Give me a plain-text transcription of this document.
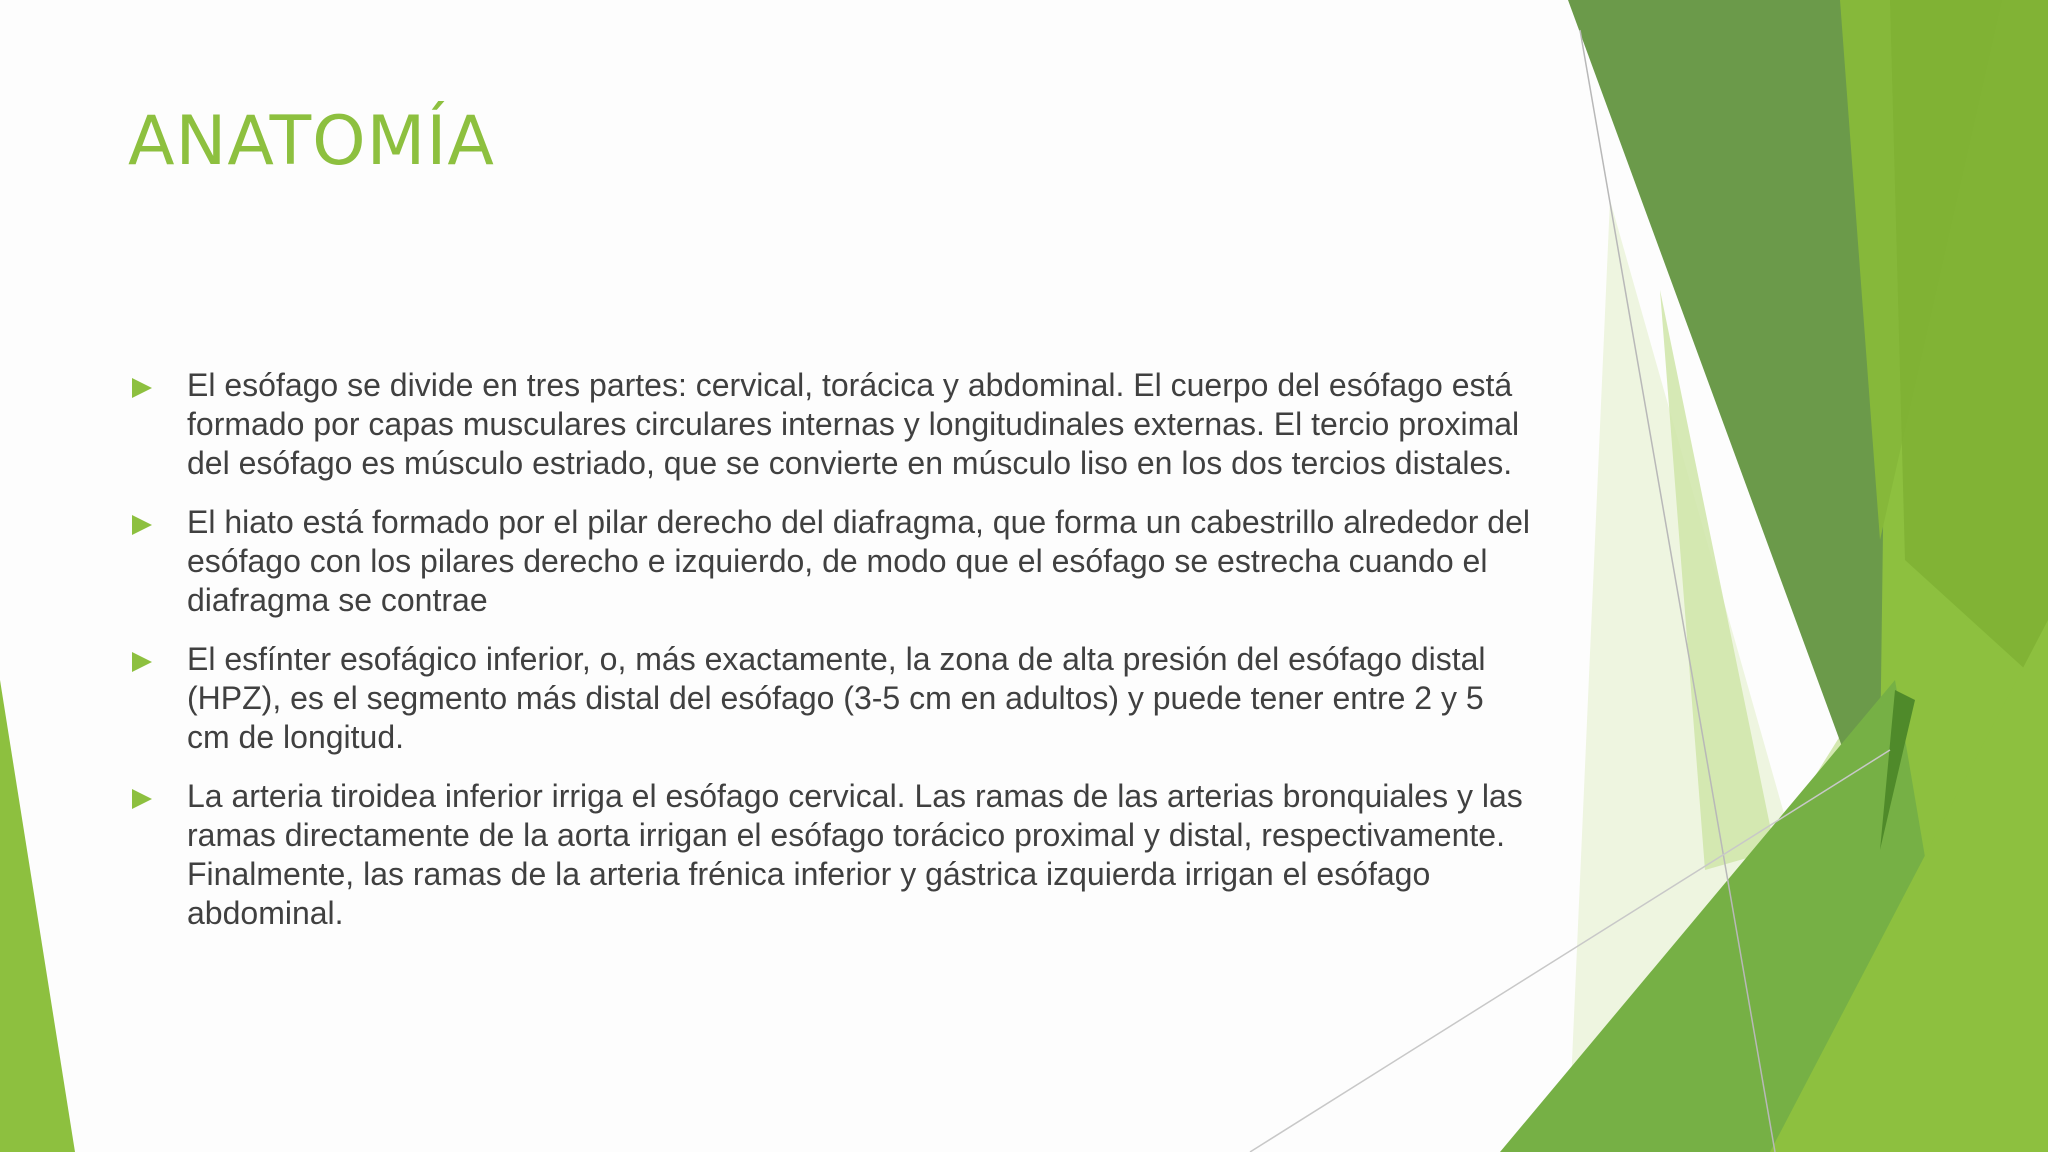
ANATOMÍA
El esófago se divide en tres partes: cervical, torácica y abdominal. El cuerpo del esófago está formado por capas musculares circulares internas y longitudinales externas. El tercio proximal del esófago es músculo estriado, que se convierte en músculo liso en los dos tercios distales.
El hiato está formado por el pilar derecho del diafragma, que forma un cabestrillo alrededor del esófago con los pilares derecho e izquierdo, de modo que el esófago se estrecha cuando el diafragma se contrae
El esfínter esofágico inferior, o, más exactamente, la zona de alta presión del esófago distal (HPZ), es el segmento más distal del esófago (3-5 cm en adultos) y puede tener entre 2 y 5 cm de longitud.
La arteria tiroidea inferior irriga el esófago cervical. Las ramas de las arterias bronquiales y las ramas directamente de la aorta irrigan el esófago torácico proximal y distal, respectivamente. Finalmente, las ramas de la arteria frénica inferior y gástrica izquierda irrigan el esófago abdominal.
